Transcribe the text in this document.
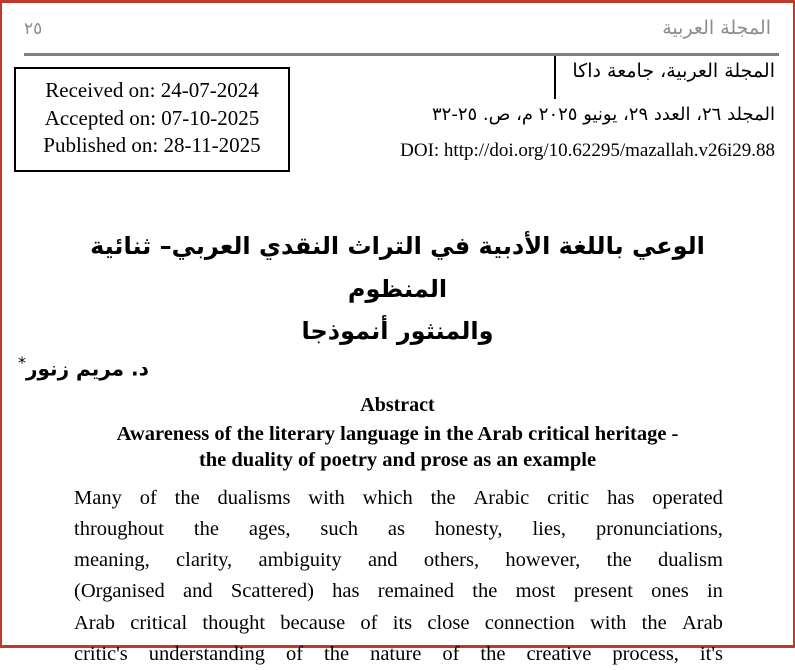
٢٥	المجلة العربية
Received on: 24-07-2024
Accepted on: 07-10-2025
Published on: 28-11-2025
المجلة العربية، جامعة داكا
المجلد ٢٦، العدد ٢٩، يونيو ٢٠٢٥ م، ص. ٢٥-٣٢
DOI: http://doi.org/10.62295/mazallah.v26i29.88
الوعي باللغة الأدبية في التراث النقدي العربي– ثنائية المنظوم
والمنثور أنموذجا
د. مريم زنور*
Abstract
Awareness of the literary language in the Arab critical heritage -
the duality of poetry and prose as an example
Many of the dualisms with which the Arabic critic has operated
throughout the ages, such as honesty, lies, pronunciations,
meaning, clarity, ambiguity and others, however, the dualism
(Organised and Scattered) has remained the most present ones in
Arab critical thought because of its close connection with the Arab
critic's understanding of the nature of the creative process, it's
